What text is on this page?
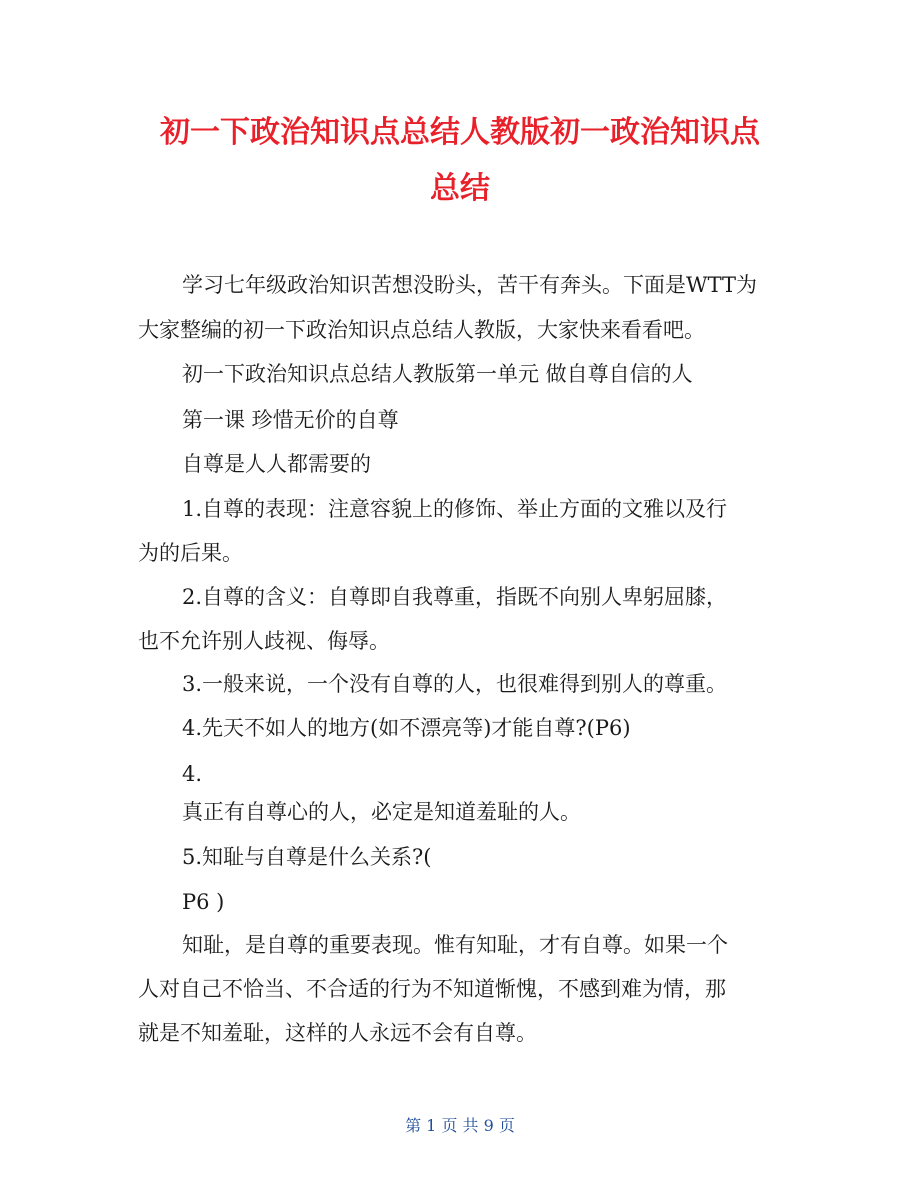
初一下政治知识点总结人教版初一政治知识点
总结

学习七年级政治知识苦想没盼头，苦干有奔头。下面是WTT为

大家整编的初一下政治知识点总结人教版，大家快来看看吧。

初一下政治知识点总结人教版第一单元 做自尊自信的人

第一课 珍惜无价的自尊

自尊是人人都需要的

1.自尊的表现：注意容貌上的修饰、举止方面的文雅以及行

为的后果。

2.自尊的含义：自尊即自我尊重，指既不向别人卑躬屈膝，

也不允许别人歧视、侮辱。

3.一般来说，一个没有自尊的人，也很难得到别人的尊重。

4.先天不如人的地方(如不漂亮等)才能自尊?(P6)

4.

真正有自尊心的人，必定是知道羞耻的人。

5.知耻与自尊是什么关系?(

P6 )

知耻，是自尊的重要表现。惟有知耻，才有自尊。如果一个

人对自己不恰当、不合适的行为不知道惭愧，不感到难为情，那

就是不知羞耻，这样的人永远不会有自尊。

第 1 页 共 9 页
